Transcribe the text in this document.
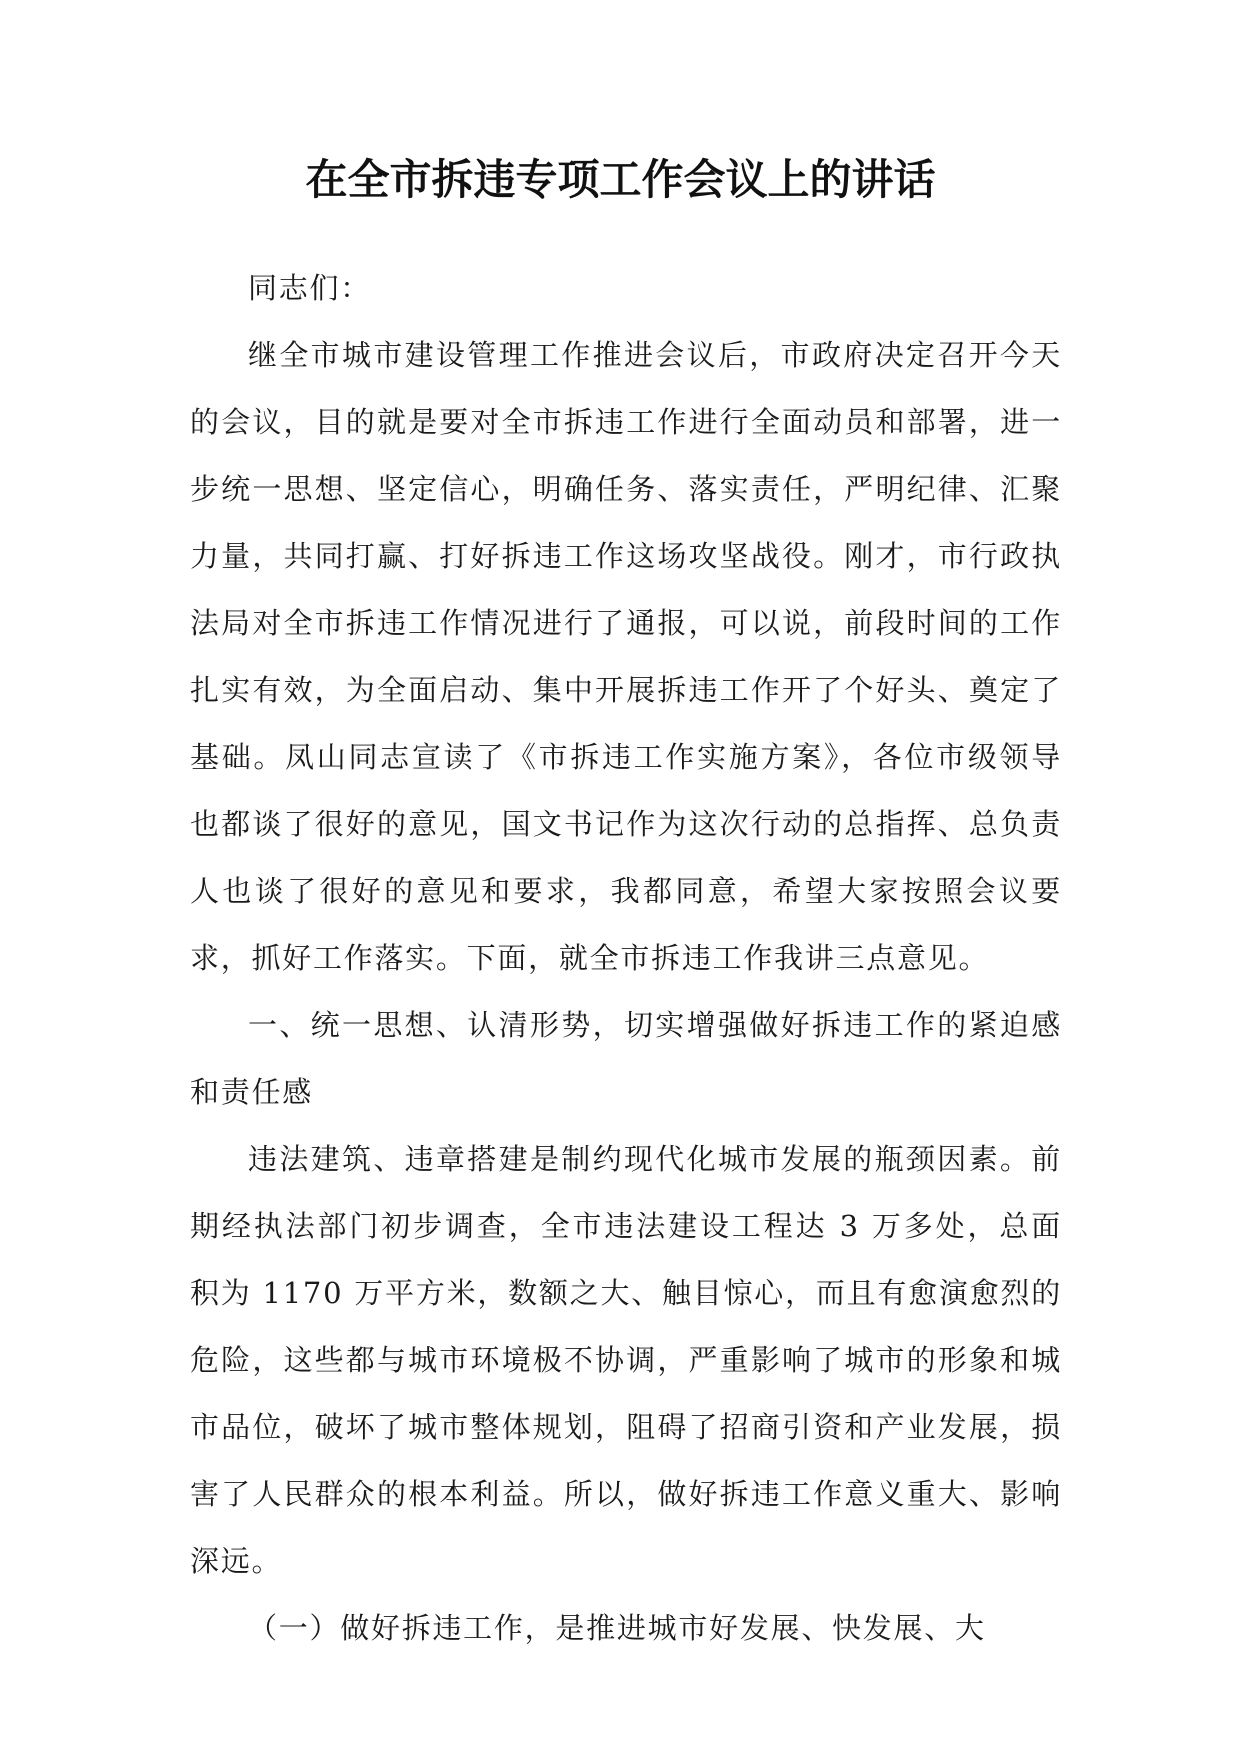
在全市拆违专项工作会议上的讲话

同志们：

继全市城市建设管理工作推进会议后，市政府决定召开今天的会议，目的就是要对全市拆违工作进行全面动员和部署，进一步统一思想、坚定信心，明确任务、落实责任，严明纪律、汇聚力量，共同打赢、打好拆违工作这场攻坚战役。刚才，市行政执法局对全市拆违工作情况进行了通报，可以说，前段时间的工作扎实有效，为全面启动、集中开展拆违工作开了个好头、奠定了基础。凤山同志宣读了《市拆违工作实施方案》，各位市级领导也都谈了很好的意见，国文书记作为这次行动的总指挥、总负责人也谈了很好的意见和要求，我都同意，希望大家按照会议要求，抓好工作落实。下面，就全市拆违工作我讲三点意见。

一、统一思想、认清形势，切实增强做好拆违工作的紧迫感和责任感

违法建筑、违章搭建是制约现代化城市发展的瓶颈因素。前期经执法部门初步调查，全市违法建设工程达 3 万多处，总面积为 1170 万平方米，数额之大、触目惊心，而且有愈演愈烈的危险，这些都与城市环境极不协调，严重影响了城市的形象和城市品位，破坏了城市整体规划，阻碍了招商引资和产业发展，损害了人民群众的根本利益。所以，做好拆违工作意义重大、影响深远。

（一）做好拆违工作，是推进城市好发展、快发展、大
